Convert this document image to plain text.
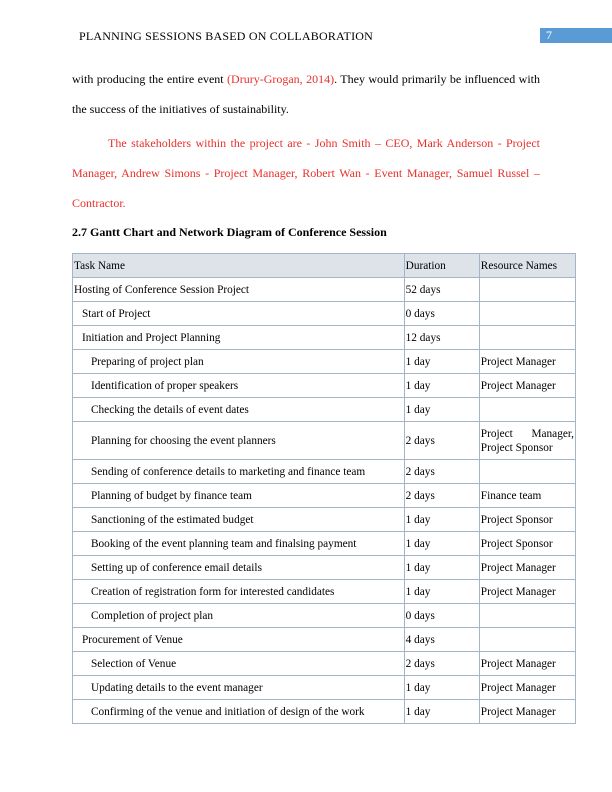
PLANNING SESSIONS BASED ON COLLABORATION	7
with producing the entire event (Drury-Grogan, 2014). They would primarily be influenced with the success of the initiatives of sustainability.
The stakeholders within the project are - John Smith – CEO, Mark Anderson - Project Manager, Andrew Simons - Project Manager, Robert Wan - Event Manager, Samuel Russel – Contractor.
2.7 Gantt Chart and Network Diagram of Conference Session
Task Name	Duration	Resource Names
Hosting of Conference Session Project	52 days	
Start of Project	0 days	
Initiation and Project Planning	12 days	
Preparing of project plan	1 day	Project Manager
Identification of proper speakers	1 day	Project Manager
Checking the details of event dates	1 day	
Planning for choosing the event planners	2 days	Project Manager, Project Sponsor
Sending of conference details to marketing and finance team	2 days	
Planning of budget by finance team	2 days	Finance team
Sanctioning of the estimated budget	1 day	Project Sponsor
Booking of the event planning team and finalsing payment	1 day	Project Sponsor
Setting up of conference email details	1 day	Project Manager
Creation of registration form for interested candidates	1 day	Project Manager
Completion of project plan	0 days	
Procurement of Venue	4 days	
Selection of Venue	2 days	Project Manager
Updating details to the event manager	1 day	Project Manager
Confirming of the venue and initiation of design of the work	1 day	Project Manager
